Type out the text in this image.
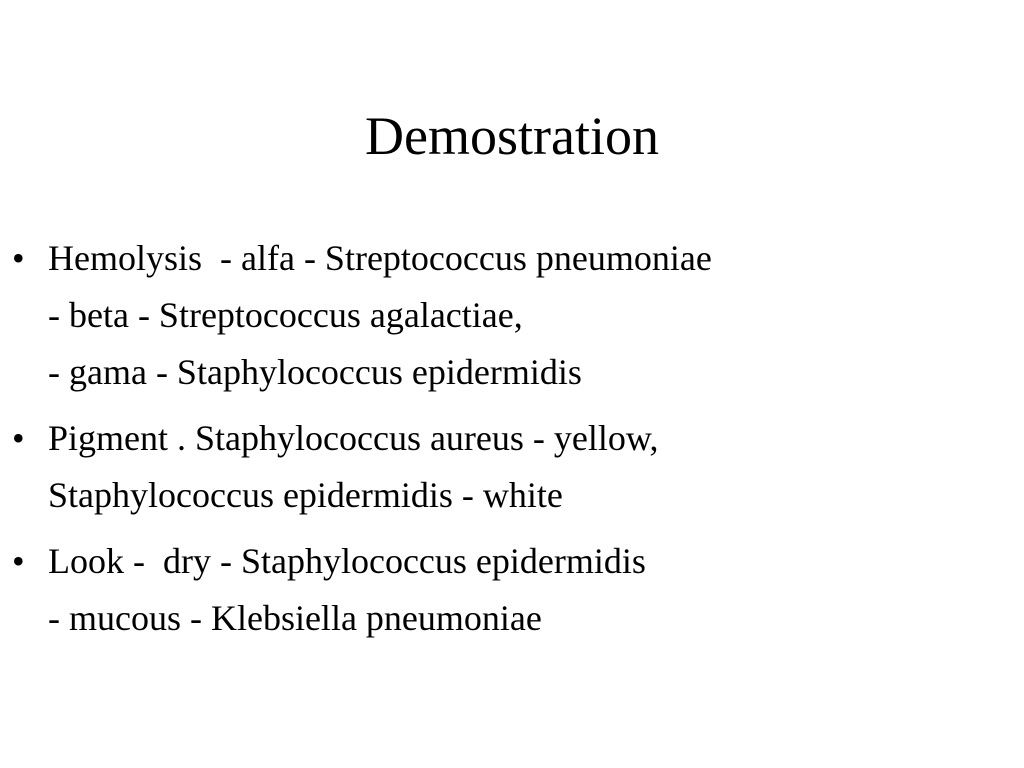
Demostration
• Hemolysis  - alfa - Streptococcus pneumoniae
- beta - Streptococcus agalactiae,
- gama - Staphylococcus epidermidis
• Pigment . Staphylococcus aureus - yellow,
Staphylococcus epidermidis - white
• Look -  dry - Staphylococcus epidermidis
- mucous - Klebsiella pneumoniae
